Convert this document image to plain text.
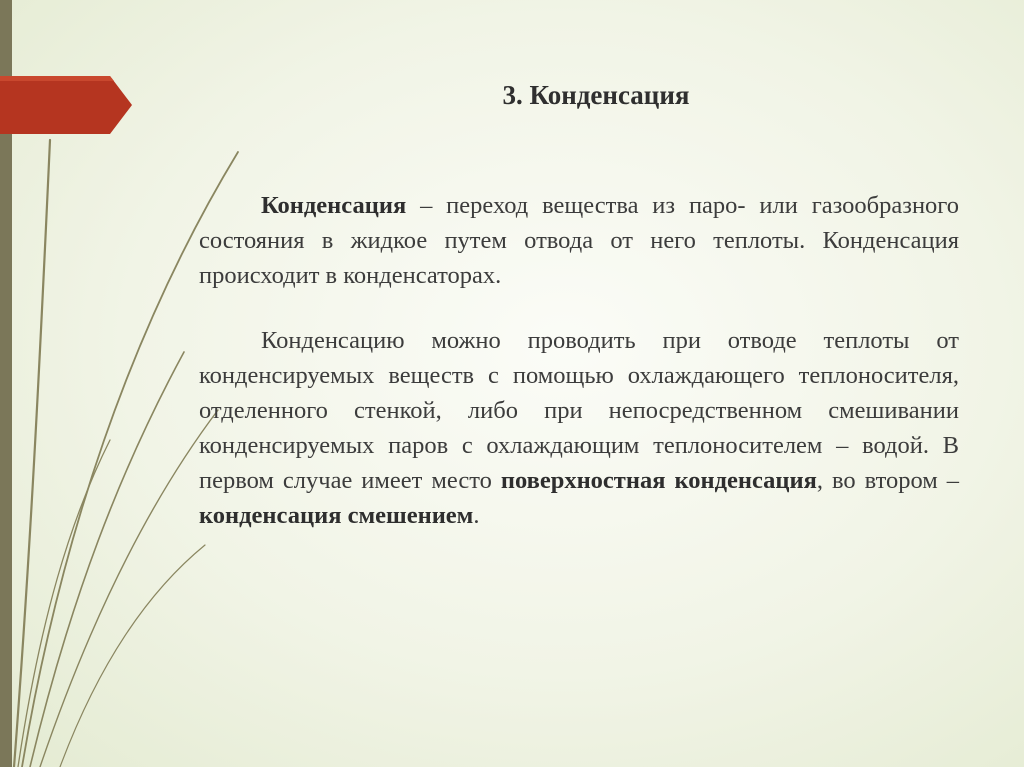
3. Конденсация

Конденсация – переход вещества из паро- или газообразного состояния в жидкое путем отвода от него теплоты. Конденсация происходит в конденсаторах.

Конденсацию можно проводить при отводе теплоты от конденсируемых веществ с помощью охлаждающего теплоносителя, отделенного стенкой, либо при непосредственном смешивании конденсируемых паров с охлаждающим теплоносителем – водой. В первом случае имеет место поверхностная конденсация, во втором – конденсация смешением.
